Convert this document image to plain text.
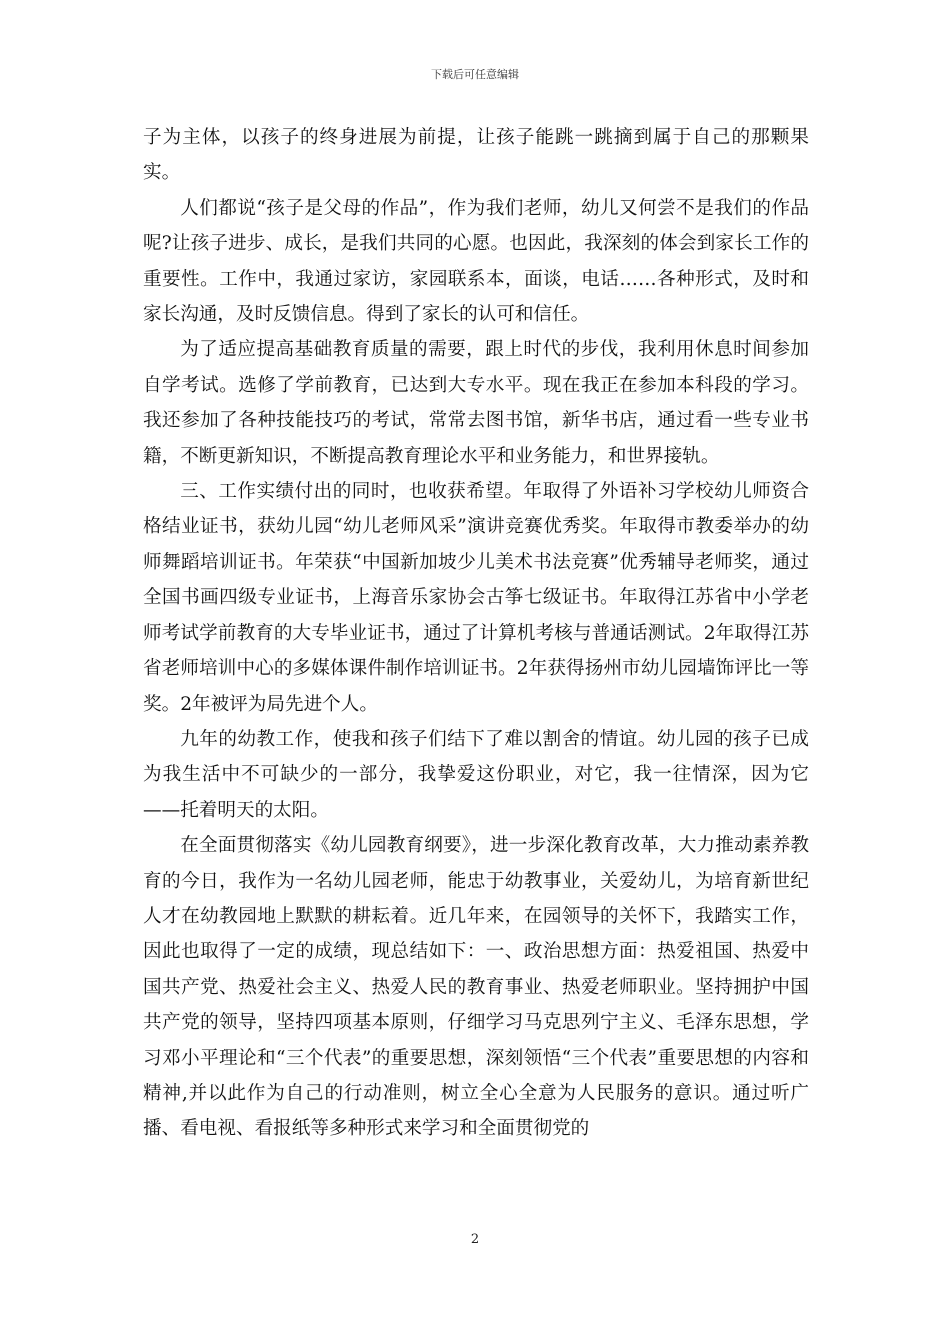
下载后可任意编辑

子为主体，以孩子的终身进展为前提，让孩子能跳一跳摘到属于自己的那颗果实。

人们都说“孩子是父母的作品”，作为我们老师，幼儿又何尝不是我们的作品呢?让孩子进步、成长，是我们共同的心愿。也因此，我深刻的体会到家长工作的重要性。工作中，我通过家访，家园联系本，面谈，电话……各种形式，及时和家长沟通，及时反馈信息。得到了家长的认可和信任。

为了适应提高基础教育质量的需要，跟上时代的步伐，我利用休息时间参加自学考试。选修了学前教育，已达到大专水平。现在我正在参加本科段的学习。我还参加了各种技能技巧的考试，常常去图书馆，新华书店，通过看一些专业书籍，不断更新知识，不断提高教育理论水平和业务能力，和世界接轨。

三、工作实绩付出的同时，也收获希望。年取得了外语补习学校幼儿师资合格结业证书，获幼儿园“幼儿老师风采”演讲竞赛优秀奖。年取得市教委举办的幼师舞蹈培训证书。年荣获“中国新加坡少儿美术书法竞赛”优秀辅导老师奖，通过全国书画四级专业证书，上海音乐家协会古筝七级证书。年取得江苏省中小学老师考试学前教育的大专毕业证书，通过了计算机考核与普通话测试。2年取得江苏省老师培训中心的多媒体课件制作培训证书。2年获得扬州市幼儿园墙饰评比一等奖。2年被评为局先进个人。

九年的幼教工作，使我和孩子们结下了难以割舍的情谊。幼儿园的孩子已成为我生活中不可缺少的一部分，我挚爱这份职业，对它，我一往情深，因为它——托着明天的太阳。

在全面贯彻落实《幼儿园教育纲要》，进一步深化教育改革，大力推动素养教育的今日，我作为一名幼儿园老师，能忠于幼教事业，关爱幼儿，为培育新世纪人才在幼教园地上默默的耕耘着。近几年来，在园领导的关怀下，我踏实工作，因此也取得了一定的成绩，现总结如下：一、政治思想方面：热爱祖国、热爱中国共产党、热爱社会主义、热爱人民的教育事业、热爱老师职业。坚持拥护中国共产党的领导，坚持四项基本原则，仔细学习马克思列宁主义、毛泽东思想，学习邓小平理论和“三个代表”的重要思想，深刻领悟“三个代表”重要思想的内容和精神,并以此作为自己的行动准则，树立全心全意为人民服务的意识。通过听广播、看电视、看报纸等多种形式来学习和全面贯彻党的

2
